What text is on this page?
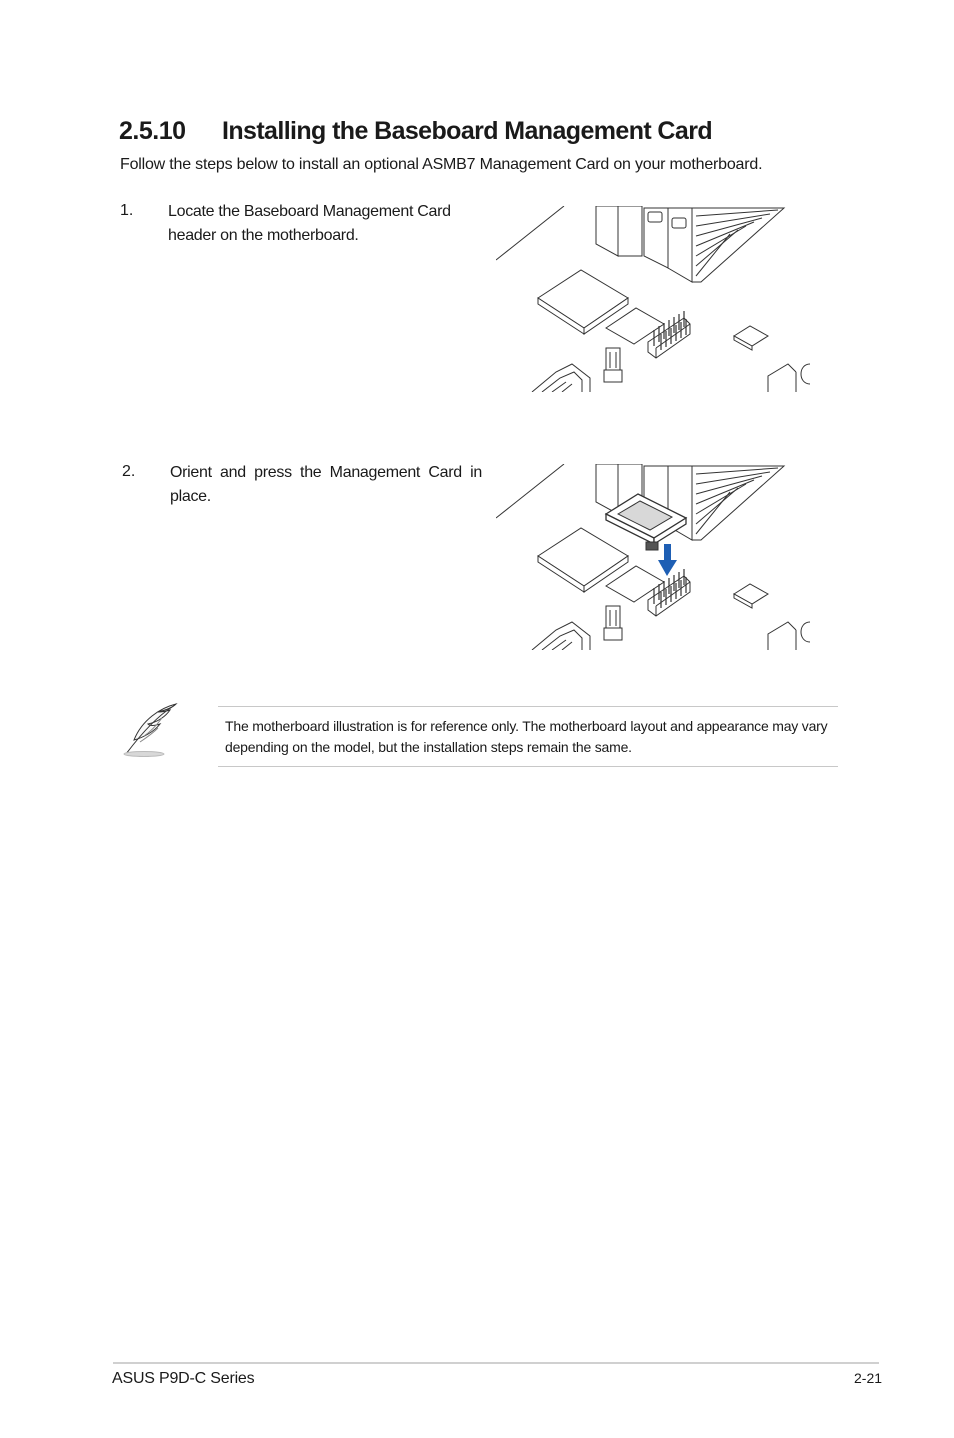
2.5.10 Installing the Baseboard Management Card
Follow the steps below to install an optional ASMB7 Management Card on your motherboard.
1. Locate the Baseboard Management Card header on the motherboard.
2. Orient and press the Management Card in place.
The motherboard illustration is for reference only. The motherboard layout and appearance may vary depending on the model, but the installation steps remain the same.
ASUS P9D-C Series	2-21
